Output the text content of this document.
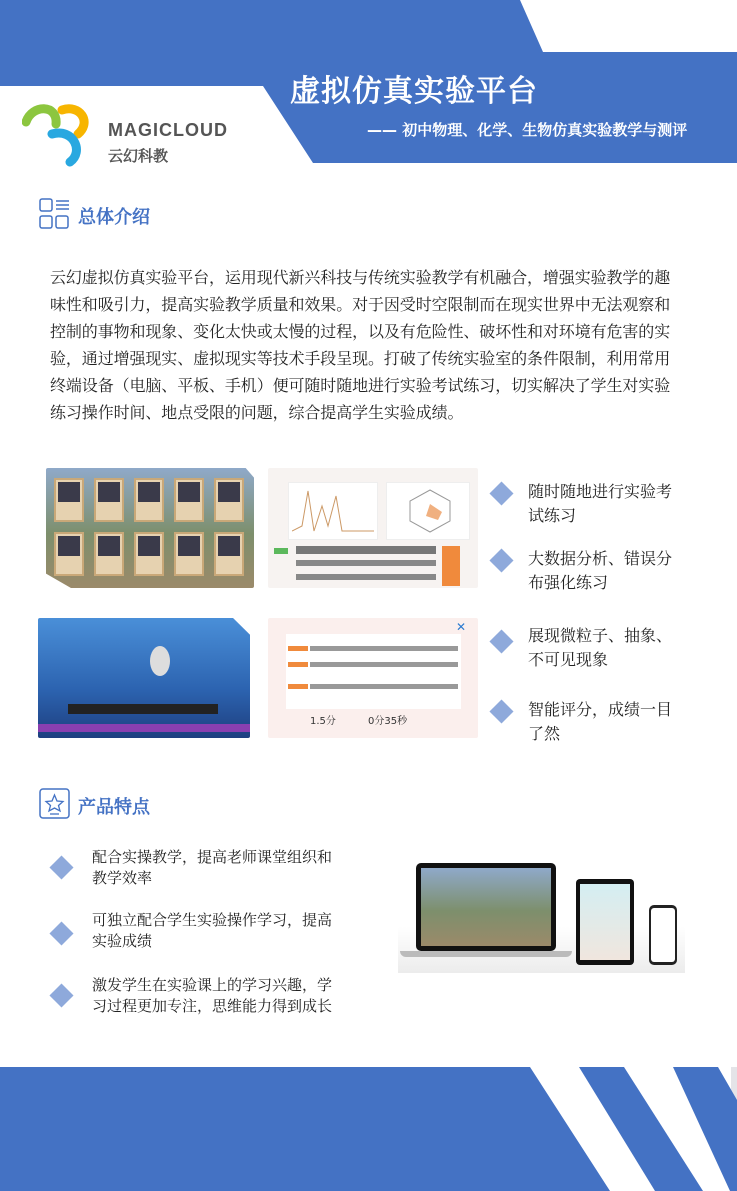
虚拟仿真实验平台
—— 初中物理、化学、生物仿真实验教学与测评
MAGICLOUD
云幻科教
总体介绍
云幻虚拟仿真实验平台，运用现代新兴科技与传统实验教学有机融合，增强实验教学的趣
味性和吸引力，提高实验教学质量和效果。对于因受时空限制而在现实世界中无法观察和
控制的事物和现象、变化太快或太慢的过程，以及有危险性、破坏性和对环境有危害的实
验，通过增强现实、虚拟现实等技术手段呈现。打破了传统实验室的条件限制，利用常用
终端设备（电脑、平板、手机）便可随时随地进行实验考试练习，切实解决了学生对实验
练习操作时间、地点受限的问题，综合提高学生实验成绩。
1.5分	0分35秒
✕
随时随地进行实验考
试练习
大数据分析、错误分
布强化练习
展现微粒子、抽象、
不可见现象
智能评分，成绩一目
了然
产品特点
配合实操教学，提高老师课堂组织和
教学效率
可独立配合学生实验操作学习，提高
实验成绩
激发学生在实验课上的学习兴趣，学
习过程更加专注，思维能力得到成长
